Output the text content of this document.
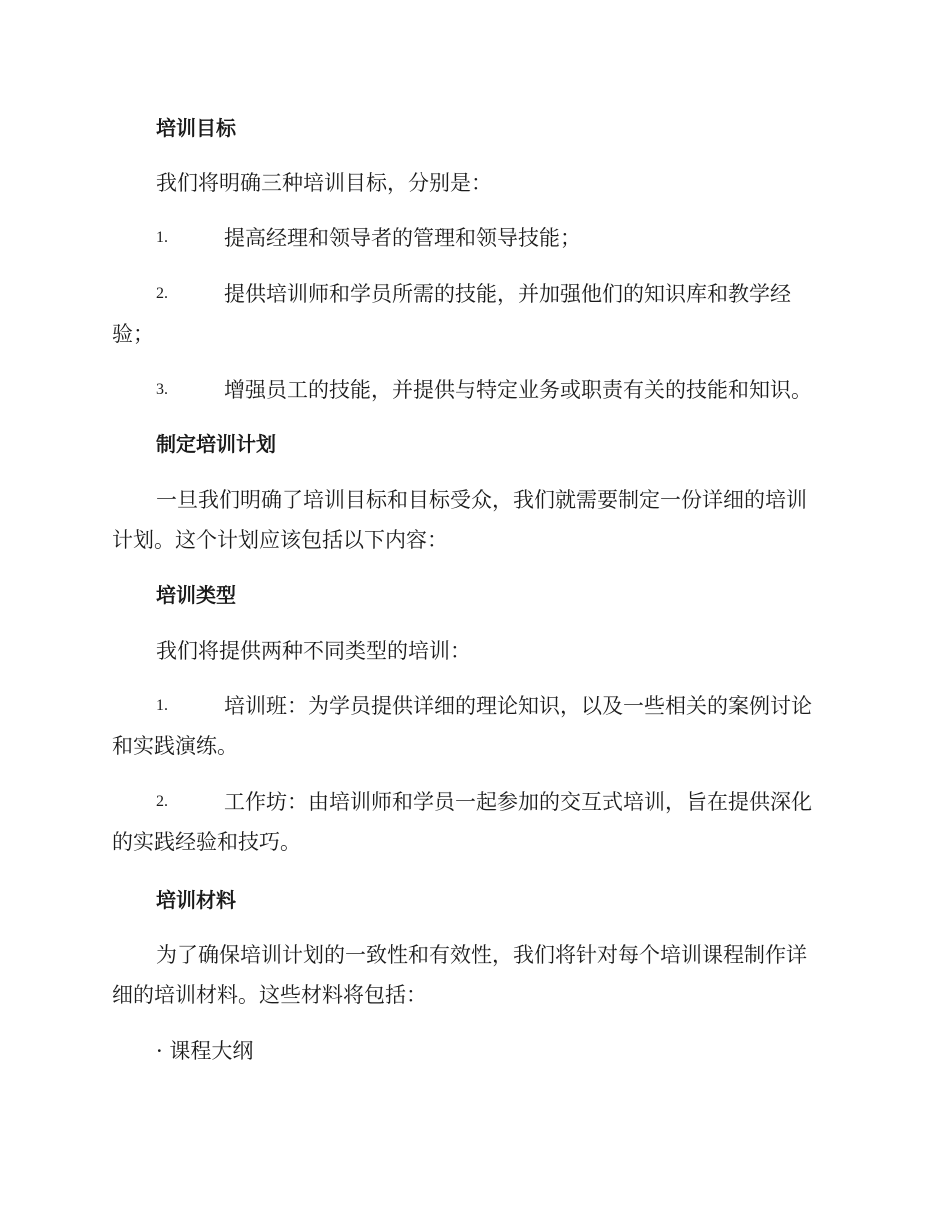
培训目标
我们将明确三种培训目标，分别是：
1.	提高经理和领导者的管理和领导技能；
2.	提供培训师和学员所需的技能，并加强他们的知识库和教学经
验；
3.	增强员工的技能，并提供与特定业务或职责有关的技能和知识。
制定培训计划
一旦我们明确了培训目标和目标受众，我们就需要制定一份详细的培训
计划。这个计划应该包括以下内容：
培训类型
我们将提供两种不同类型的培训：
1.	培训班：为学员提供详细的理论知识，以及一些相关的案例讨论
和实践演练。
2.	工作坊：由培训师和学员一起参加的交互式培训，旨在提供深化
的实践经验和技巧。
培训材料
为了确保培训计划的一致性和有效性，我们将针对每个培训课程制作详
细的培训材料。这些材料将包括：
· 课程大纲
